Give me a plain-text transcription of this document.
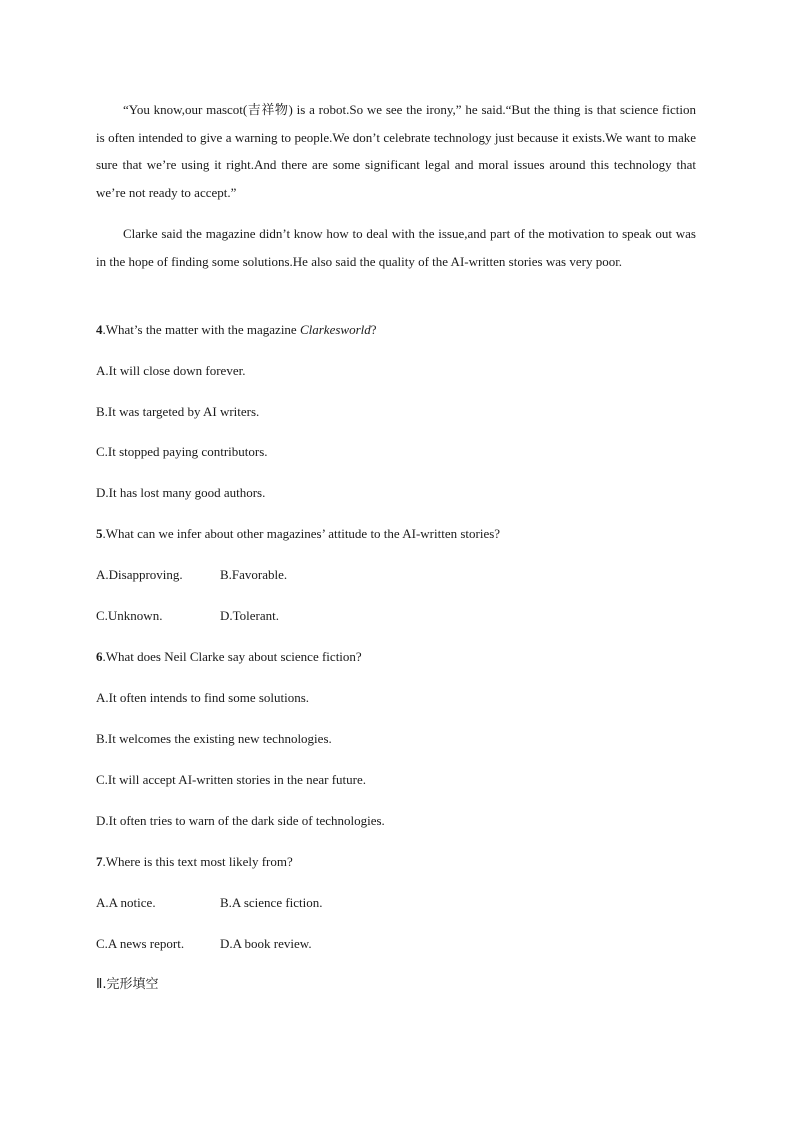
“You know,our mascot(吉祥物) is a robot.So we see the irony,” he said.“But the thing is that science fiction is often intended to give a warning to people.We don’t celebrate technology just because it exists.We want to make sure that we’re using it right.And there are some significant legal and moral issues around this technology that we’re not ready to accept.”
Clarke said the magazine didn’t know how to deal with the issue,and part of the motivation to speak out was in the hope of finding some solutions.He also said the quality of the AI-written stories was very poor.
4.What’s the matter with the magazine Clarkesworld?
A.It will close down forever.
B.It was targeted by AI writers.
C.It stopped paying contributors.
D.It has lost many good authors.
5.What can we infer about other magazines’ attitude to the AI-written stories?
A.Disapproving.	B.Favorable.
C.Unknown.	D.Tolerant.
6.What does Neil Clarke say about science fiction?
A.It often intends to find some solutions.
B.It welcomes the existing new technologies.
C.It will accept AI-written stories in the near future.
D.It often tries to warn of the dark side of technologies.
7.Where is this text most likely from?
A.A notice.	B.A science fiction.
C.A news report.	D.A book review.
Ⅱ.完形填空
